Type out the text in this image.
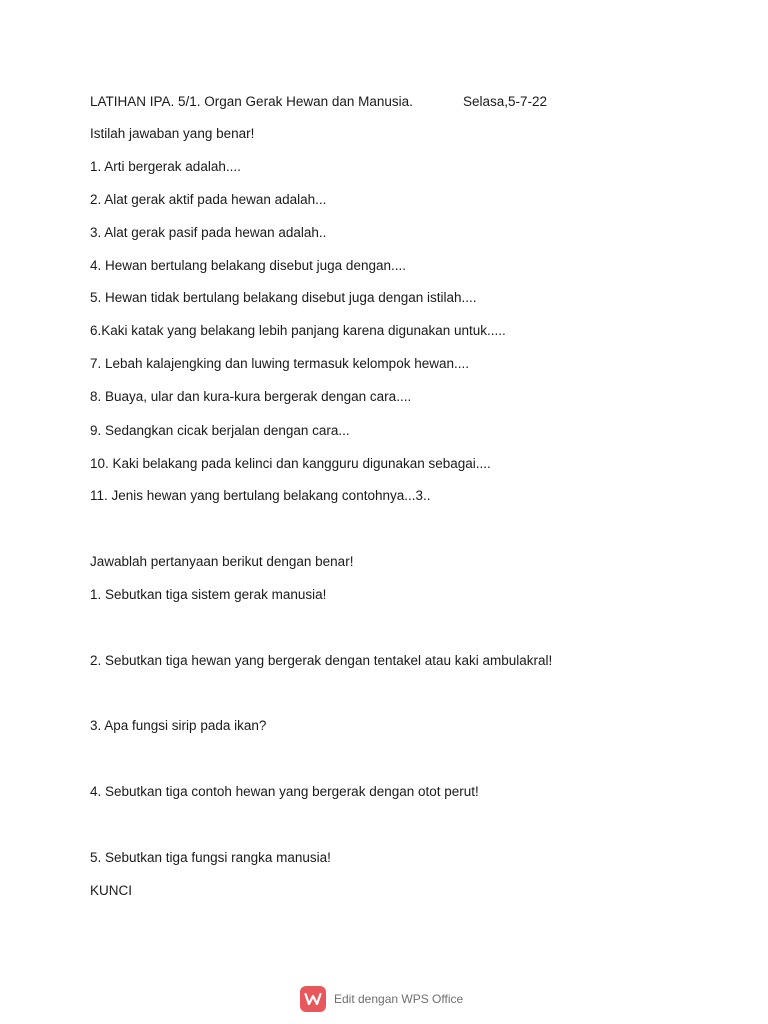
LATIHAN IPA. 5/1. Organ Gerak Hewan dan Manusia.	Selasa,5-7-22
Istilah jawaban yang benar!
1. Arti bergerak adalah....
2. Alat gerak aktif pada hewan adalah...
3. Alat gerak pasif pada hewan adalah..
4. Hewan bertulang belakang disebut juga dengan....
5. Hewan tidak bertulang belakang disebut juga dengan istilah....
6.Kaki katak yang belakang lebih panjang karena digunakan untuk.....
7. Lebah kalajengking dan luwing termasuk kelompok hewan....
8. Buaya, ular dan kura-kura bergerak dengan cara....
9. Sedangkan cicak berjalan dengan cara...
10. Kaki belakang pada kelinci dan kangguru digunakan sebagai....
11. Jenis hewan yang bertulang belakang contohnya...3..
Jawablah pertanyaan berikut dengan benar!
1. Sebutkan tiga sistem gerak manusia!
2. Sebutkan tiga hewan yang bergerak dengan tentakel atau kaki ambulakral!
3. Apa fungsi sirip pada ikan?
4. Sebutkan tiga contoh hewan yang bergerak dengan otot perut!
5. Sebutkan tiga fungsi rangka manusia!
KUNCI
Edit dengan WPS Office
